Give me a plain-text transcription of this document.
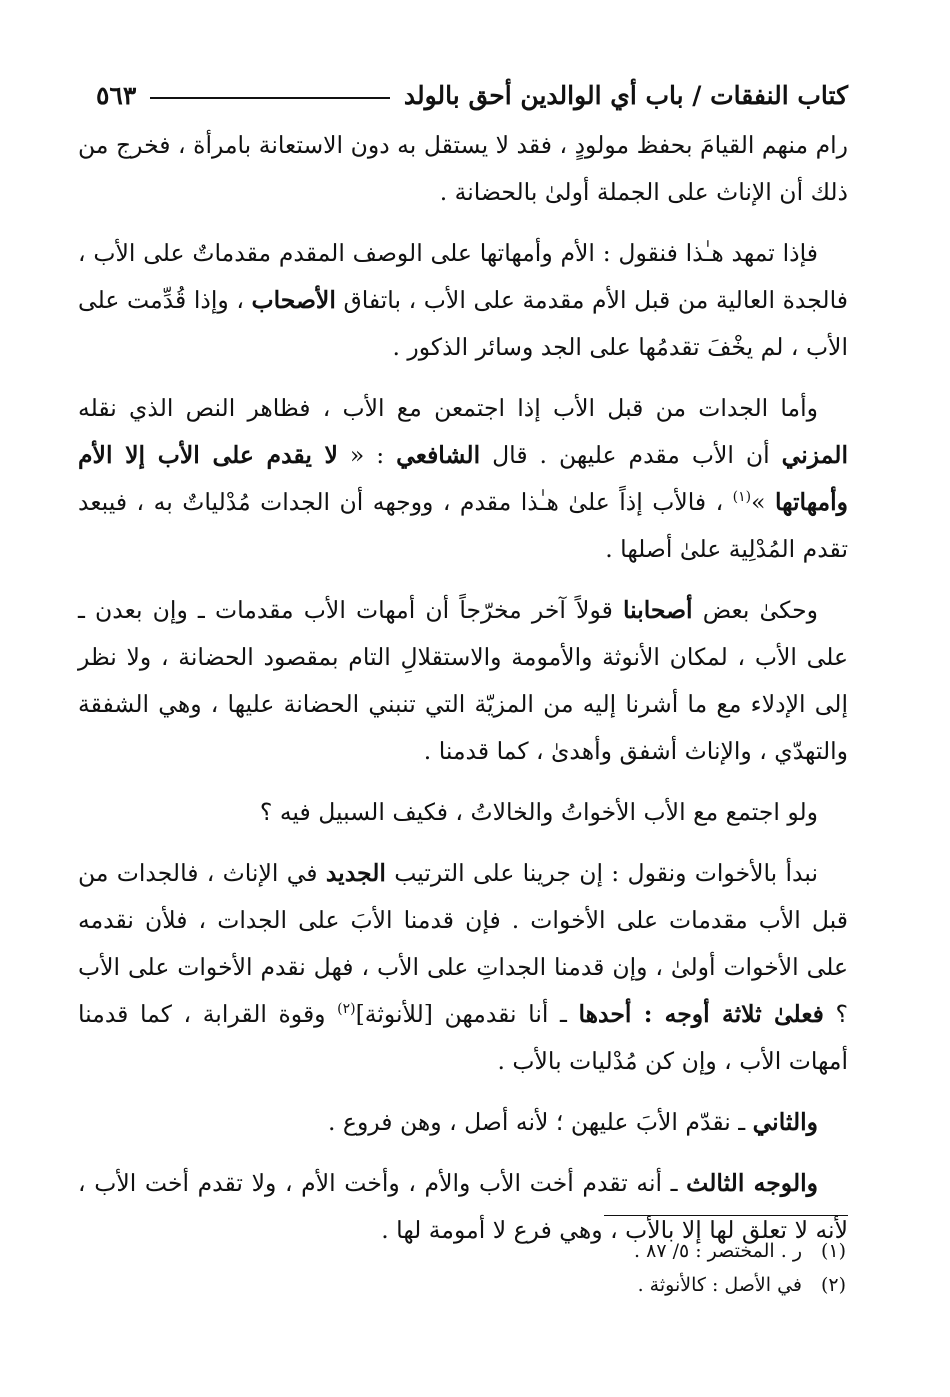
كتاب النفقات / باب أي الوالدين أحق بالولد
٥٦٣

رام منهم القيامَ بحفظ مولودٍ ، فقد لا يستقل به دون الاستعانة بامرأة ، فخرج من ذلك أن الإناث على الجملة أولىٰ بالحضانة .

فإذا تمهد هـٰذا فنقول : الأم وأمهاتها على الوصف المقدم مقدماتٌ على الأب ، فالجدة العالية من قبل الأم مقدمة على الأب ، باتفاق الأصحاب ، وإذا قُدِّمت على الأب ، لم يخْفَ تقدمُها على الجد وسائر الذكور .

وأما الجدات من قبل الأب إذا اجتمعن مع الأب ، فظاهر النص الذي نقله المزني أن الأب مقدم عليهن . قال الشافعي : « لا يقدم على الأب إلا الأم وأمهاتها »$^{(١)}$ ، فالأب إذاً علىٰ هـٰذا مقدم ، ووجهه أن الجدات مُدْلياتٌ به ، فيبعد تقدم المُدْلِية علىٰ أصلها .

وحكىٰ بعض أصحابنا قولاً آخر مخرّجاً أن أمهات الأب مقدمات ـ وإن بعدن ـ على الأب ، لمكان الأنوثة والأمومة والاستقلالِ التام بمقصود الحضانة ، ولا نظر إلى الإدلاء مع ما أشرنا إليه من المزيّة التي تنبني الحضانة عليها ، وهي الشفقة والتهدّي ، والإناث أشفق وأهدىٰ ، كما قدمنا .

ولو اجتمع مع الأب الأخواتُ والخالاتُ ، فكيف السبيل فيه ؟

نبدأ بالأخوات ونقول : إن جرينا على الترتيب الجديد في الإناث ، فالجدات من قبل الأب مقدمات على الأخوات . فإن قدمنا الأبَ على الجدات ، فلأن نقدمه على الأخوات أولىٰ ، وإن قدمنا الجداتِ على الأب ، فهل نقدم الأخوات على الأب ؟ فعلىٰ ثلاثة أوجه : أحدها ـ أنا نقدمهن [للأنوثة]$^{(٢)}$ وقوة القرابة ، كما قدمنا أمهات الأب ، وإن كن مُدْليات بالأب .

والثاني ـ نقدّم الأبَ عليهن ؛ لأنه أصل ، وهن فروع .

والوجه الثالث ـ أنه تقدم أخت الأب والأم ، وأخت الأم ، ولا تقدم أخت الأب ، لأنه لا تعلق لها إلا بالأب ، وهي فرع لا أمومة لها .

(١)
ر . المختصر : ٥/ ٨٧ .
(٢)
في الأصل : كالأنوثة .
